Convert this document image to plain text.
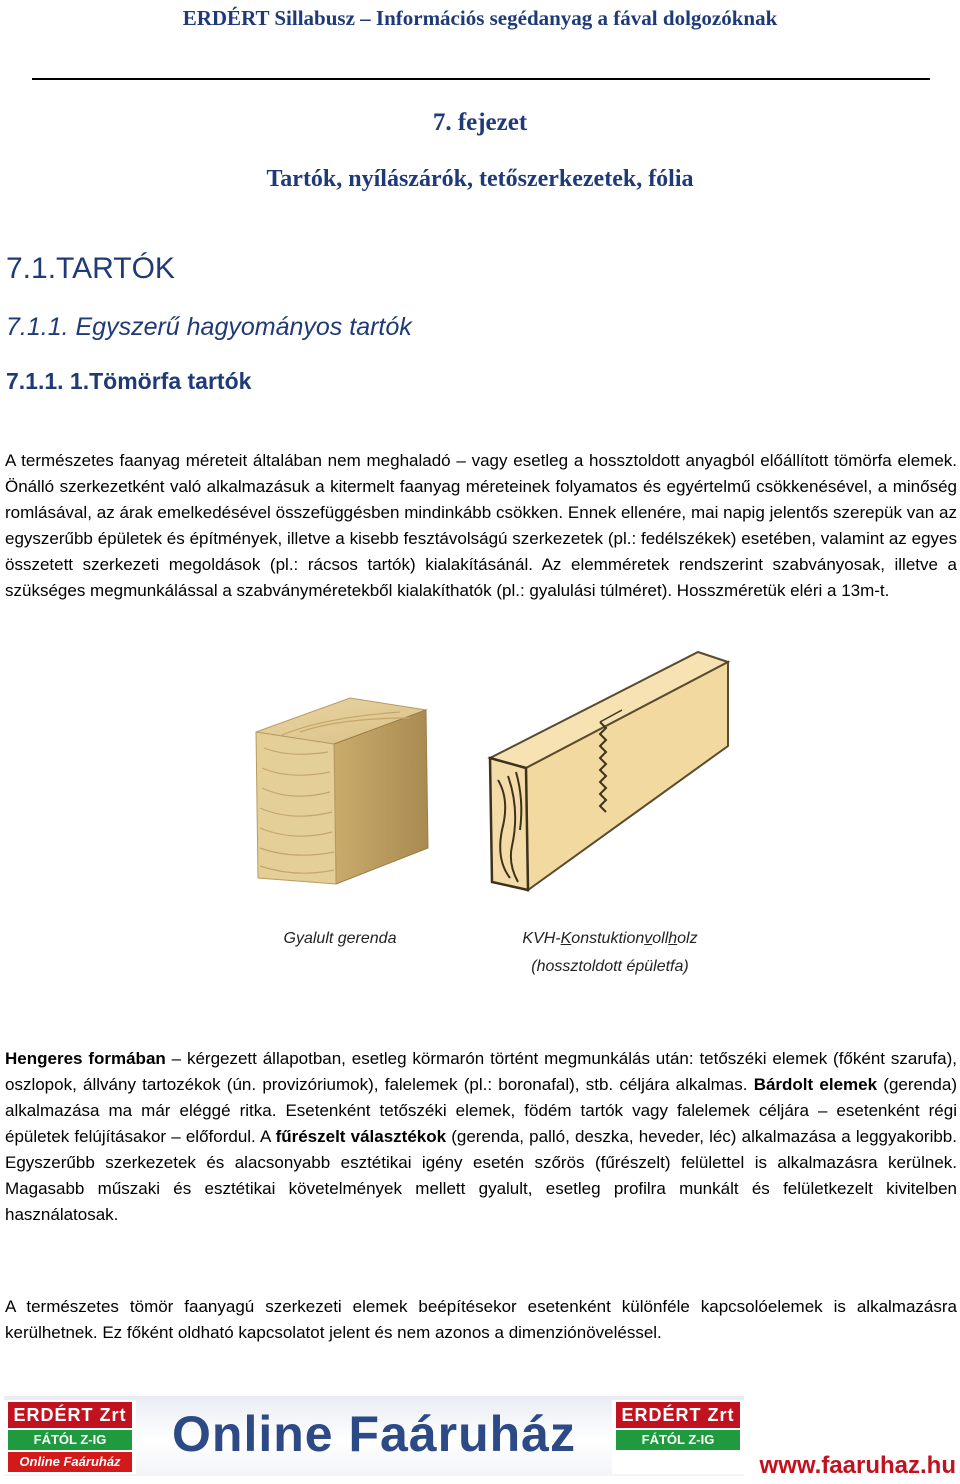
ERDÉRT Sillabusz – Információs segédanyag a fával dolgozóknak
7. fejezet
Tartók, nyílászárók, tetőszerkezetek, fólia
7.1.TARTÓK
7.1.1. Egyszerű hagyományos tartók
7.1.1. 1.Tömörfa tartók
A természetes faanyag méreteit általában nem meghaladó – vagy esetleg a hossztoldott anyagból előállított tömörfa elemek. Önálló szerkezetként való alkalmazásuk a kitermelt faanyag méreteinek folyamatos és egyértelmű csökkenésével, a minőség romlásával, az árak emelkedésével összefüggésben mindinkább csökken. Ennek ellenére, mai napig jelentős szerepük van az egyszerűbb épületek és építmények, illetve a kisebb fesztávolságú szerkezetek (pl.: fedélszékek) esetében, valamint az egyes összetett szerkezeti megoldások (pl.: rácsos tartók) kialakításánál. Az elemméretek rendszerint szabványosak, illetve a szükséges megmunkálással a szabványméretekből kialakíthatók (pl.: gyalulási túlméret). Hosszméretük eléri a 13m-t.
Gyalult gerenda	KVH-Konstuktionvollholz
(hossztoldott épületfa)
Hengeres formában – kérgezett állapotban, esetleg körmarón történt megmunkálás után: tetőszéki elemek (főként szarufa), oszlopok, állvány tartozékok (ún. provizóriumok), falelemek (pl.: boronafal), stb. céljára alkalmas. Bárdolt elemek (gerenda) alkalmazása ma már eléggé ritka. Esetenként tetőszéki elemek, födém tartók vagy falelemek céljára – esetenként régi épületek felújításakor – előfordul. A fűrészelt választékok (gerenda, palló, deszka, heveder, léc) alkalmazása a leggyakoribb. Egyszerűbb szerkezetek és alacsonyabb esztétikai igény esetén szőrös (fűrészelt) felülettel is alkalmazásra kerülnek. Magasabb műszaki és esztétikai követelmények mellett gyalult, esetleg profilra munkált és felületkezelt kivitelben használatosak.
A természetes tömör faanyagú szerkezeti elemek beépítésekor esetenként különféle kapcsolóelemek is alkalmazásra kerülhetnek. Ez főként oldható kapcsolatot jelent és nem azonos a dimenziónöveléssel.
ERDÉRT Zrt
FÁTÓL Z-IG
Online Faáruház	Online Faáruház	ERDÉRT Zrt
FÁTÓL Z-IG
www.faaruhaz.hu
